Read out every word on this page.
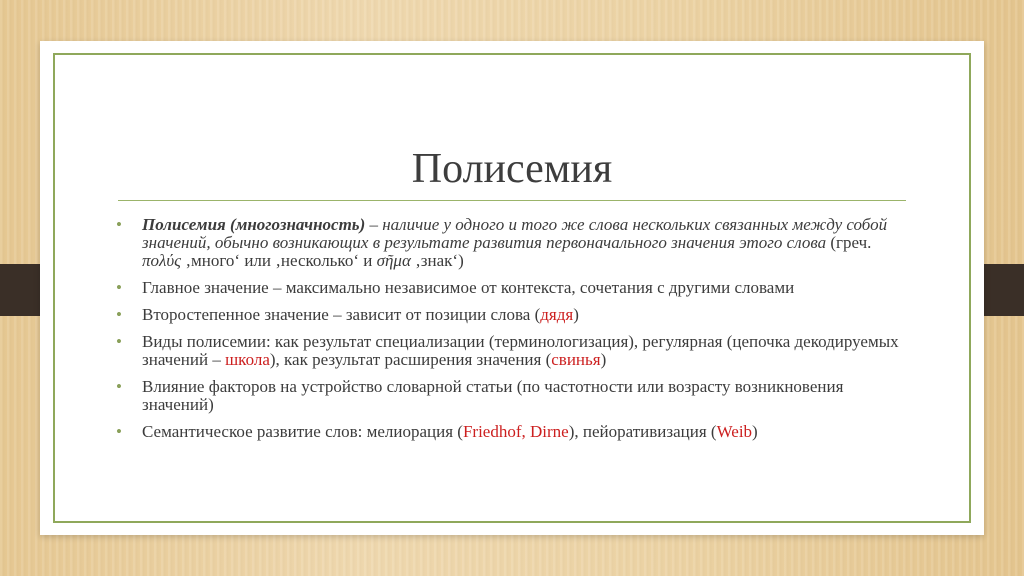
Полисемия
• Полисемия (многозначность) – наличие у одного и того же слова нескольких связанных между собой значений, обычно возникающих в результате развития первоначального значения этого слова (греч. πολύς ‚много‘ или ‚несколько‘ и σῆμα ‚знак‘)
• Главное значение – максимально независимое от контекста, сочетания с другими словами
• Второстепенное значение – зависит от позиции слова (дядя)
• Виды полисемии: как результат специализации (терминологизация), регулярная (цепочка декодируемых значений – школа), как результат расширения значения (свинья)
• Влияние факторов на устройство словарной статьи (по частотности или возрасту возникновения значений)
• Семантическое развитие слов: мелиорация (Friedhof, Dirne), пейоративизация (Weib)
